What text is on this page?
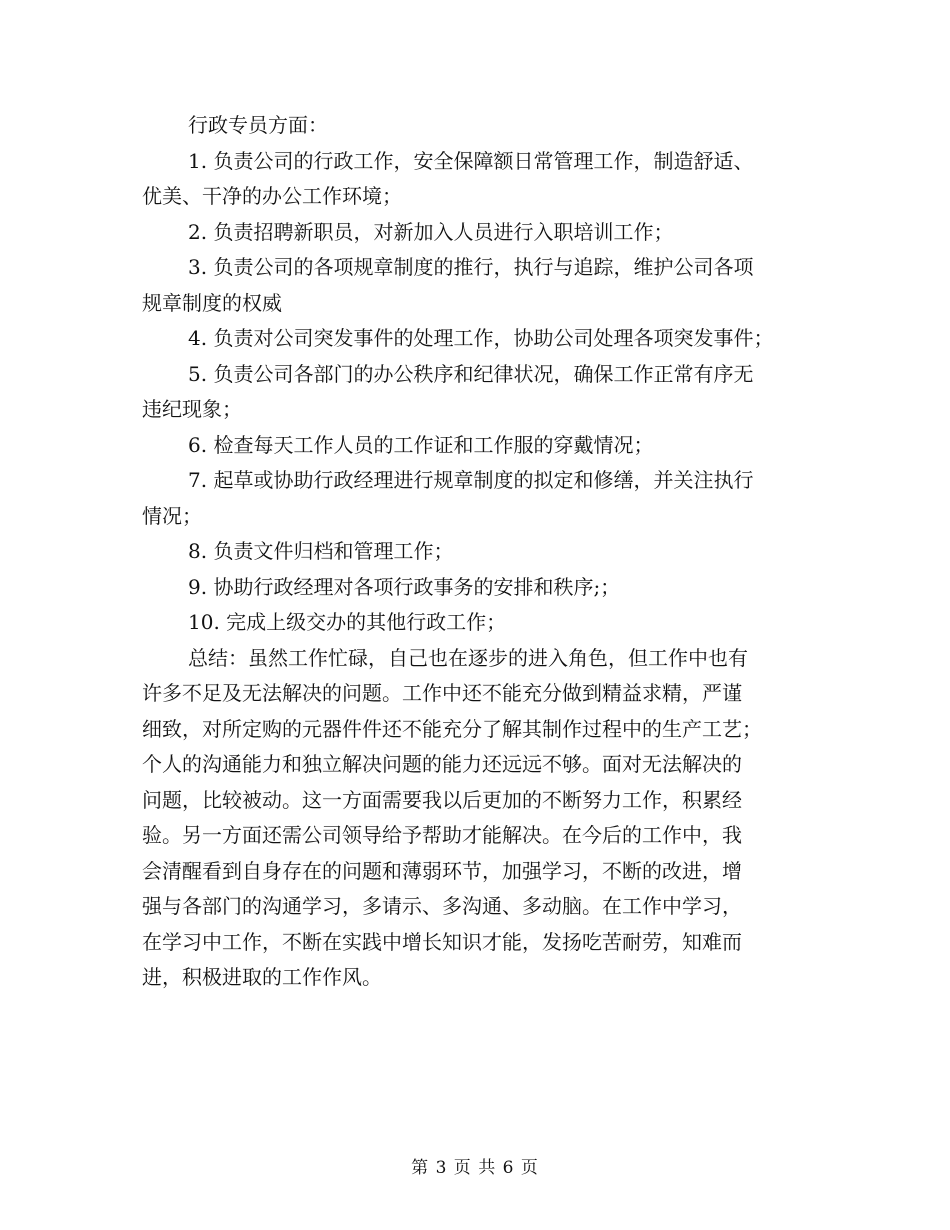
行政专员方面：
1. 负责公司的行政工作，安全保障额日常管理工作，制造舒适、
优美、干净的办公工作环境；
2. 负责招聘新职员，对新加入人员进行入职培训工作；
3. 负责公司的各项规章制度的推行，执行与追踪，维护公司各项
规章制度的权威
4. 负责对公司突发事件的处理工作，协助公司处理各项突发事件；
5. 负责公司各部门的办公秩序和纪律状况，确保工作正常有序无
违纪现象；
6. 检查每天工作人员的工作证和工作服的穿戴情况；
7. 起草或协助行政经理进行规章制度的拟定和修缮，并关注执行
情况；
8. 负责文件归档和管理工作；
9. 协助行政经理对各项行政事务的安排和秩序;；
10. 完成上级交办的其他行政工作；
总结：虽然工作忙碌，自己也在逐步的进入角色，但工作中也有
许多不足及无法解决的问题。工作中还不能充分做到精益求精，严谨
细致，对所定购的元器件件还不能充分了解其制作过程中的生产工艺；
个人的沟通能力和独立解决问题的能力还远远不够。面对无法解决的
问题，比较被动。这一方面需要我以后更加的不断努力工作，积累经
验。另一方面还需公司领导给予帮助才能解决。在今后的工作中，我
会清醒看到自身存在的问题和薄弱环节，加强学习，不断的改进，增
强与各部门的沟通学习，多请示、多沟通、多动脑。在工作中学习，
在学习中工作，不断在实践中增长知识才能，发扬吃苦耐劳，知难而
进，积极进取的工作作风。
第 3 页 共 6 页
